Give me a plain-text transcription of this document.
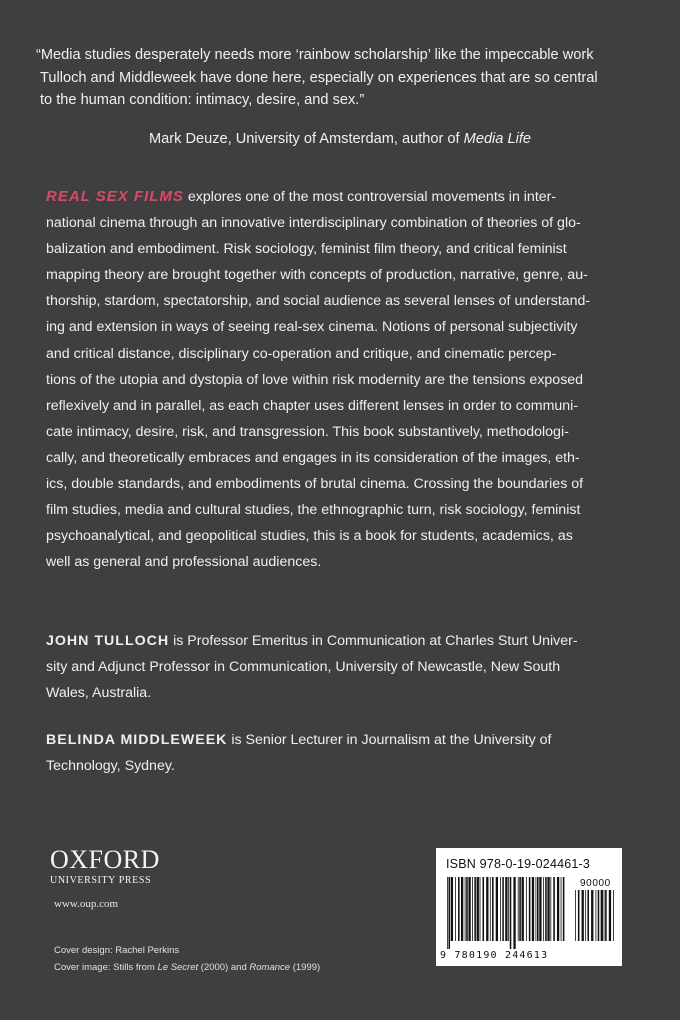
“Media studies desperately needs more ‘rainbow scholarship’ like the impeccable work
Tulloch and Middleweek have done here, especially on experiences that are so central
to the human condition: intimacy, desire, and sex.”
Mark Deuze, University of Amsterdam, author of Media Life
REAL SEX FILMS explores one of the most controversial movements in inter-
national cinema through an innovative interdisciplinary combination of theories of glo-
balization and embodiment. Risk sociology, feminist film theory, and critical feminist
mapping theory are brought together with concepts of production, narrative, genre, au-
thorship, stardom, spectatorship, and social audience as several lenses of understand-
ing and extension in ways of seeing real-sex cinema. Notions of personal subjectivity
and critical distance, disciplinary co-operation and critique, and cinematic percep-
tions of the utopia and dystopia of love within risk modernity are the tensions exposed
reflexively and in parallel, as each chapter uses different lenses in order to communi-
cate intimacy, desire, risk, and transgression. This book substantively, methodologi-
cally, and theoretically embraces and engages in its consideration of the images, eth-
ics, double standards, and embodiments of brutal cinema. Crossing the boundaries of
film studies, media and cultural studies, the ethnographic turn, risk sociology, feminist
psychoanalytical, and geopolitical studies, this is a book for students, academics, as
well as general and professional audiences.
JOHN TULLOCH is Professor Emeritus in Communication at Charles Sturt Univer-
sity and Adjunct Professor in Communication, University of Newcastle, New South
Wales, Australia.
BELINDA MIDDLEWEEK is Senior Lecturer in Journalism at the University of
Technology, Sydney.
OXFORD
UNIVERSITY PRESS
www.oup.com
Cover design: Rachel Perkins
Cover image: Stills from Le Secret (2000) and Romance (1999)
ISBN 978-0-19-024461-3
90000
9 780190 244613
